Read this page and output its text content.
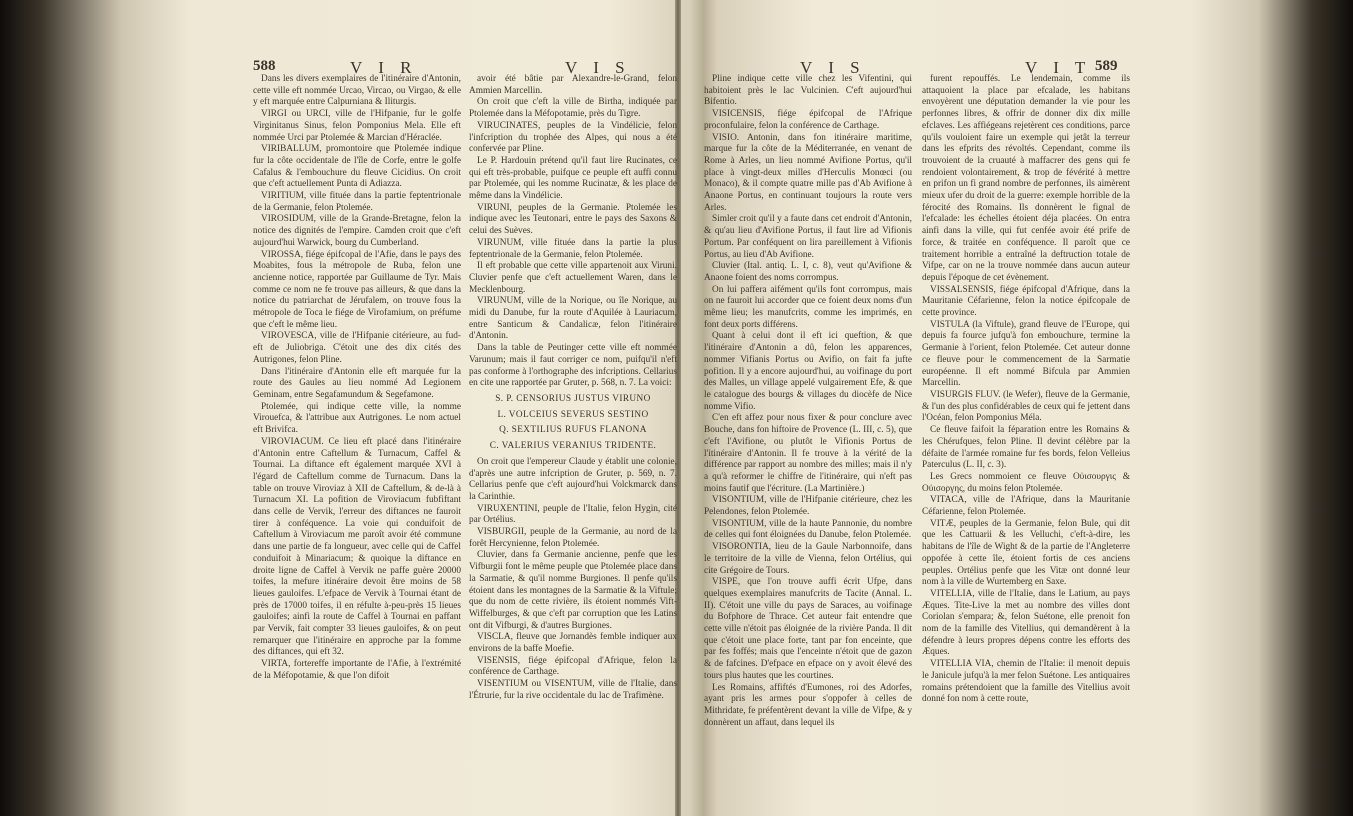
588	V I R	V I S

Dans les divers exemplaires de l'itinéraire d'Antonin, cette ville eft nommée Urcao, Vircao, ou Virgao, & elle y eft marquée entre Calpurniana & Iliturgis.

VIRGI ou URCI, ville de l'Hifpanie, fur le golfe Virginitanus Sinus, felon Pomponius Mela. Elle eft nommée Urci par Ptolemée & Marcian d'Héraclée.

VIRIBALLUM, promontoire que Ptolemée indique fur la côte occidentale de l'île de Corfe, entre le golfe Cafalus & l'embouchure du fleuve Cicidius. On croit que c'eft actuellement Punta di Adiazza.

VIRITIUM, ville fituée dans la partie feptentrionale de la Germanie, felon Ptolemée.

VIROSIDUM, ville de la Grande-Bretagne, felon la notice des dignités de l'empire. Camden croit que c'eft aujourd'hui Warwick, bourg du Cumberland.

VIROSSA, fiége épifcopal de l'Afie, dans le pays des Moabites, fous la métropole de Ruba, felon une ancienne notice, rapportée par Guillaume de Tyr. Mais comme ce nom ne fe trouve pas ailleurs, & que dans la notice du patriarchat de Jérufalem, on trouve fous la métropole de Toca le fiége de Virofamium, on préfume que c'eft le même lieu.

VIROVESCA, ville de l'Hifpanie citérieure, au fud-eft de Juliobriga. C'étoit une des dix cités des Autrigones, felon Pline.

Dans l'itinéraire d'Antonin elle eft marquée fur la route des Gaules au lieu nommé Ad Legionem Geminam, entre Segafamundum & Segefamone.

Ptolemée, qui indique cette ville, la nomme Virouefca, & l'attribue aux Autrigones. Le nom actuel eft Brivifca.

VIROVIACUM. Ce lieu eft placé dans l'itinéraire d'Antonin entre Caftellum & Turnacum, Caffel & Tournai. La diftance eft également marquée XVI à l'égard de Caftellum comme de Turnacum. Dans la table on trouve Viroviaz à XII de Caftellum, & de-là à Turnacum XI. La pofition de Viroviacum fubfiftant dans celle de Vervik, l'erreur des diftances ne fauroit tirer à conféquence. La voie qui conduifoit de Caftellum à Viroviacum me paroît avoir été commune dans une partie de fa longueur, avec celle qui de Caffel conduifoit à Minariacum; & quoique la diftance en droite ligne de Caffel à Vervik ne paffe guère 20000 toifes, la mefure itinéraire devoit être moins de 58 lieues gauloifes. L'efpace de Vervik à Tournai étant de près de 17000 toifes, il en réfulte à-peu-près 15 lieues gauloifes; ainfi la route de Caffel à Tournai en paffant par Vervik, fait compter 33 lieues gauloifes, & on peut remarquer que l'itinéraire en approche par la fomme des diftances, qui eft 32.

VIRTA, fortereffe importante de l'Afie, à l'extrémité de la Méfopotamie, & que l'on difoit

avoir été bâtie par Alexandre-le-Grand, felon Ammien Marcellin.

On croit que c'eft la ville de Birtha, indiquée par Ptolemée dans la Méfopotamie, près du Tigre.

VIRUCINATES, peuples de la Vindélicie, felon l'infcription du trophée des Alpes, qui nous a été confervée par Pline.

Le P. Hardouin prétend qu'il faut lire Rucinates, ce qui eft très-probable, puifque ce peuple eft auffi connu par Ptolemée, qui les nomme Rucinatæ, & les place de même dans la Vindélicie.

VIRUNI, peuples de la Germanie. Ptolemée les indique avec les Teutonari, entre le pays des Saxons & celui des Suèves.

VIRUNUM, ville fituée dans la partie la plus feptentrionale de la Germanie, felon Ptolemée.

Il eft probable que cette ville appartenoit aux Viruni. Cluvier penfe que c'eft actuellement Waren, dans le Mecklenbourg.

VIRUNUM, ville de la Norique, ou île Norique, au midi du Danube, fur la route d'Aquilée à Lauriacum, entre Santicum & Candalicæ, felon l'itinéraire d'Antonin.

Dans la table de Peutinger cette ville eft nommée Varunum; mais il faut corriger ce nom, puifqu'il n'eft pas conforme à l'orthographe des infcriptions. Cellarius en cite une rapportée par Gruter, p. 568, n. 7. La voici:

S. P. CENSORIUS JUSTUS VIRUNO

L. VOLCEIUS SEVERUS SESTINO

Q. SEXTILIUS RUFUS FLANONA

C. VALERIUS VERANIUS TRIDENTE.

On croit que l'empereur Claude y établit une colonie, d'après une autre infcription de Gruter, p. 569, n. 7. Cellarius penfe que c'eft aujourd'hui Volckmarck dans la Carinthie.

VIRUXENTINI, peuple de l'Italie, felon Hygin, cité par Ortélius.

VISBURGII, peuple de la Germanie, au nord de la forêt Hercynienne, felon Ptolemée.

Cluvier, dans fa Germanie ancienne, penfe que les Vifburgii font le même peuple que Ptolemée place dans la Sarmatie, & qu'il nomme Burgiones. Il penfe qu'ils étoient dans les montagnes de la Sarmatie & la Viftule; que du nom de cette rivière, ils étoient nommés Vift-Wiffelburges, & que c'eft par corruption que les Latins ont dit Vifburgi, & d'autres Burgiones.

VISCLA, fleuve que Jornandès femble indiquer aux environs de la baffe Moefie.

VISENSIS, fiége épifcopal d'Afrique, felon la conférence de Carthage.

VISENTIUM ou VISENTUM, ville de l'Italie, dans l'Étrurie, fur la rive occidentale du lac de Trafimène.

V I S	V I T 589

Pline indique cette ville chez les Vifentini, qui habitoient près le lac Vulcinien. C'eft aujourd'hui Bifentio.

VISICENSIS, fiége épifcopal de l'Afrique proconfulaire, felon la conférence de Carthage.

VISIO. Antonin, dans fon itinéraire maritime, marque fur la côte de la Méditerranée, en venant de Rome à Arles, un lieu nommé Avifione Portus, qu'il place à vingt-deux milles d'Herculis Monœci (ou Monaco), & il compte quatre mille pas d'Ab Avifione à Anaone Portus, en continuant toujours la route vers Arles.

Simler croit qu'il y a faute dans cet endroit d'Antonin, & qu'au lieu d'Avifione Portus, il faut lire ad Vifionis Portum. Par conféquent on lira pareillement à Vifionis Portus, au lieu d'Ab Avifione.

Cluvier (Ital. antiq. L. I, c. 8), veut qu'Avifione & Anaone foient des noms corrompus.

On lui paffera aifément qu'ils font corrompus, mais on ne fauroit lui accorder que ce foient deux noms d'un même lieu; les manufcrits, comme les imprimés, en font deux ports différens.

Quant à celui dont il eft ici queftion, & que l'itinéraire d'Antonin a dû, felon les apparences, nommer Vifianis Portus ou Avifio, on fait fa jufte pofition. Il y a encore aujourd'hui, au voifinage du port des Malles, un village appelé vulgairement Efe, & que le catalogue des bourgs & villages du diocèfe de Nice nomme Vifio.

C'en eft affez pour nous fixer & pour conclure avec Bouche, dans fon hiftoire de Provence (L. III, c. 5), que c'eft l'Avifione, ou plutôt le Vifionis Portus de l'itinéraire d'Antonin. Il fe trouve à la vérité de la différence par rapport au nombre des milles; mais il n'y a qu'à reformer le chiffre de l'itinéraire, qui n'eft pas moins fautif que l'écriture. (La Martinière.)

VISONTIUM, ville de l'Hifpanie citérieure, chez les Pelendones, felon Ptolemée.

VISONTIUM, ville de la haute Pannonie, du nombre de celles qui font éloignées du Danube, felon Ptolemée.

VISORONTIA, lieu de la Gaule Narbonnoife, dans le territoire de la ville de Vienna, felon Ortélius, qui cite Grégoire de Tours.

VISPE, que l'on trouve auffi écrit Ufpe, dans quelques exemplaires manufcrits de Tacite (Annal. L. II). C'étoit une ville du pays de Saraces, au voifinage du Bofphore de Thrace. Cet auteur fait entendre que cette ville n'étoit pas éloignée de la rivière Panda. Il dit que c'étoit une place forte, tant par fon enceinte, que par fes foffés; mais que l'enceinte n'étoit que de gazon & de fafcines. D'efpace en efpace on y avoit élevé des tours plus hautes que les courtines.

Les Romains, affiftés d'Eumones, roi des Adorfes, ayant pris les armes pour s'oppofer à celles de Mithridate, fe préfentèrent devant la ville de Vifpe, & y donnèrent un affaut, dans lequel ils

furent repouffés. Le lendemain, comme ils attaquoient la place par efcalade, les habitans envoyèrent une députation demander la vie pour les perfonnes libres, & offrir de donner dix dix mille efclaves. Les affiégeans rejetèrent ces conditions, parce qu'ils vouloient faire un exemple qui jetât la terreur dans les efprits des révoltés. Cependant, comme ils trouvoient de la cruauté à maffacrer des gens qui fe rendoient volontairement, & trop de févérité à mettre en prifon un fi grand nombre de perfonnes, ils aimèrent mieux ufer du droit de la guerre: exemple horrible de la férocité des Romains. Ils donnèrent le fignal de l'efcalade: les échelles étoient déja placées. On entra ainfi dans la ville, qui fut cenfée avoir été prife de force, & traitée en conféquence. Il paroît que ce traitement horrible a entraîné la deftruction totale de Vifpe, car on ne la trouve nommée dans aucun auteur depuis l'époque de cet évènement.

VISSALSENSIS, fiége épifcopal d'Afrique, dans la Mauritanie Céfarienne, felon la notice épifcopale de cette province.

VISTULA (la Viftule), grand fleuve de l'Europe, qui depuis fa fource jufqu'à fon embouchure, termine la Germanie à l'orient, felon Ptolemée. Cet auteur donne ce fleuve pour le commencement de la Sarmatie européenne. Il eft nommé Bifcula par Ammien Marcellin.

VISURGIS FLUV. (le Wefer), fleuve de la Germanie, & l'un des plus confidérables de ceux qui fe jettent dans l'Océan, felon Pomponius Méla.

Ce fleuve faifoit la féparation entre les Romains & les Chérufques, felon Pline. Il devint célèbre par la défaite de l'armée romaine fur fes bords, felon Velleius Paterculus (L. II, c. 3).

Les Grecs nommoient ce fleuve Οὐισουργις & Οὐισοργης, du moins felon Ptolemée.

VITACA, ville de l'Afrique, dans la Mauritanie Céfarienne, felon Ptolemée.

VITÆ, peuples de la Germanie, felon Bule, qui dit que les Cattuarii & les Velluchi, c'eft-à-dire, les habitans de l'île de Wight & de la partie de l'Angleterre oppofée à cette île, étoient fortis de ces anciens peuples. Ortélius penfe que les Vitæ ont donné leur nom à la ville de Wurtemberg en Saxe.

VITELLIA, ville de l'Italie, dans le Latium, au pays Æques. Tite-Live la met au nombre des villes dont Coriolan s'empara; &, felon Suétone, elle prenoit fon nom de la famille des Vitellius, qui demandèrent à la défendre à leurs propres dépens contre les efforts des Æques.

VITELLIA VIA, chemin de l'Italie: il menoit depuis le Janicule jufqu'à la mer felon Suétone. Les antiquaires romains prétendoient que la famille des Vitellius avoit donné fon nom à cette route,
